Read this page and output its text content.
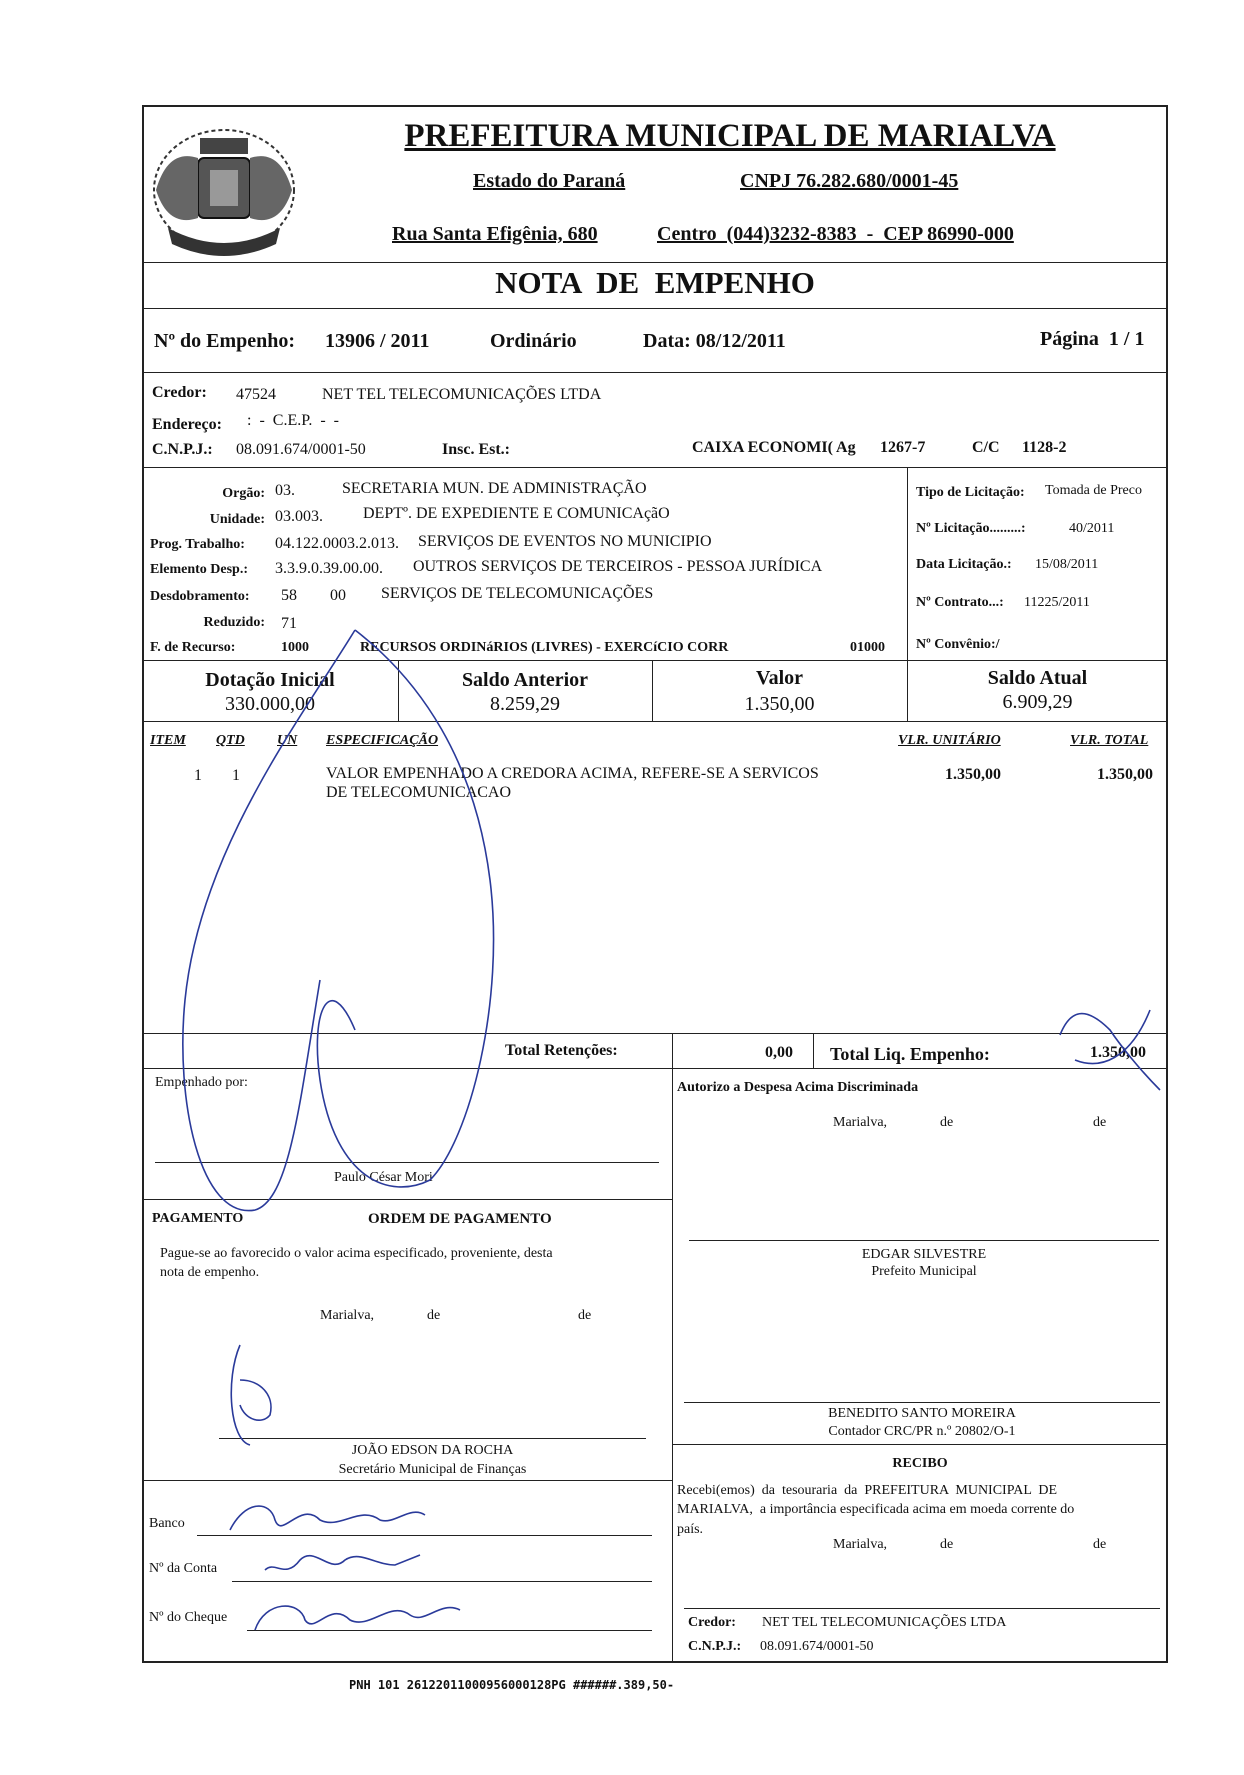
PREFEITURA MUNICIPAL DE MARIALVA
Estado do Paraná	CNPJ 76.282.680/0001-45
Rua Santa Efigênia, 680	Centro  (044)3232-8383  -  CEP 86990-000
NOTA  DE  EMPENHO
Nº do Empenho: 13906 / 2011	Ordinário	Data: 08/12/2011	Página  1 / 1
Credor: 47524	NET TEL TELECOMUNICAÇÕES LTDA
Endereço: :  -  C.E.P.  -  -
C.N.P.J.: 08.091.674/0001-50	Insc. Est.:	CAIXA ECONOMI( Ag 1267-7	C/C 1128-2
Orgão: 03.	SECRETARIA MUN. DE ADMINISTRAÇÃO
Unidade: 03.003.	DEPTº. DE EXPEDIENTE E COMUNICAçãO
Prog. Trabalho: 04.122.0003.2.013. SERVIÇOS DE EVENTOS NO MUNICIPIO
Elemento Desp.: 3.3.9.0.39.00.00. OUTROS SERVIÇOS DE TERCEIROS - PESSOA JURÍDICA
Desdobramento: 58 00 SERVIÇOS DE TELECOMUNICAÇÕES
Reduzido: 71
F. de Recurso:	1000	RECURSOS ORDINáRIOS (LIVRES) - EXERCíCIO CORR	01000
Tipo de Licitação: Tomada de Preco
Nº Licitação.........:	40/2011
Data Licitação.: 15/08/2011
Nº Contrato...: 11225/2011
Nº Convênio:/
Dotação Inicial
330.000,00
Saldo Anterior
8.259,29
Valor
1.350,00
Saldo Atual
6.909,29
ITEM QTD UN ESPECIFICAÇÃO	VLR. UNITÁRIO	VLR. TOTAL
1 1	VALOR EMPENHADO A CREDORA ACIMA, REFERE-SE A SERVICOS
DE TELECOMUNICACAO
1.350,00	1.350,00
Total Retenções:	0,00 Total Liq. Empenho:	1.350,00
Empenhado por:
Paulo César Mori
Autorizo a Despesa Acima Discriminada
Marialva,	de	de
EDGAR SILVESTRE
Prefeito Municipal
BENEDITO SANTO MOREIRA
Contador CRC/PR n.º 20802/O-1
RECIBO
Recebi(emos)  da  tesouraria  da  PREFEITURA  MUNICIPAL  DE
MARIALVA,  a importância especificada acima em moeda corrente do
país.
Marialva,	de	de
Credor: NET TEL TELECOMUNICAÇÕES LTDA
C.N.P.J.: 08.091.674/0001-50
PAGAMENTO	ORDEM DE PAGAMENTO
Pague-se ao favorecido o valor acima especificado, proveniente, desta
nota de empenho.
Marialva,	de	de
JOÃO EDSON DA ROCHA
Secretário Municipal de Finanças
Banco
Nº da Conta
Nº do Cheque
PNH 101 26122011000956000128PG ######.389,50-
